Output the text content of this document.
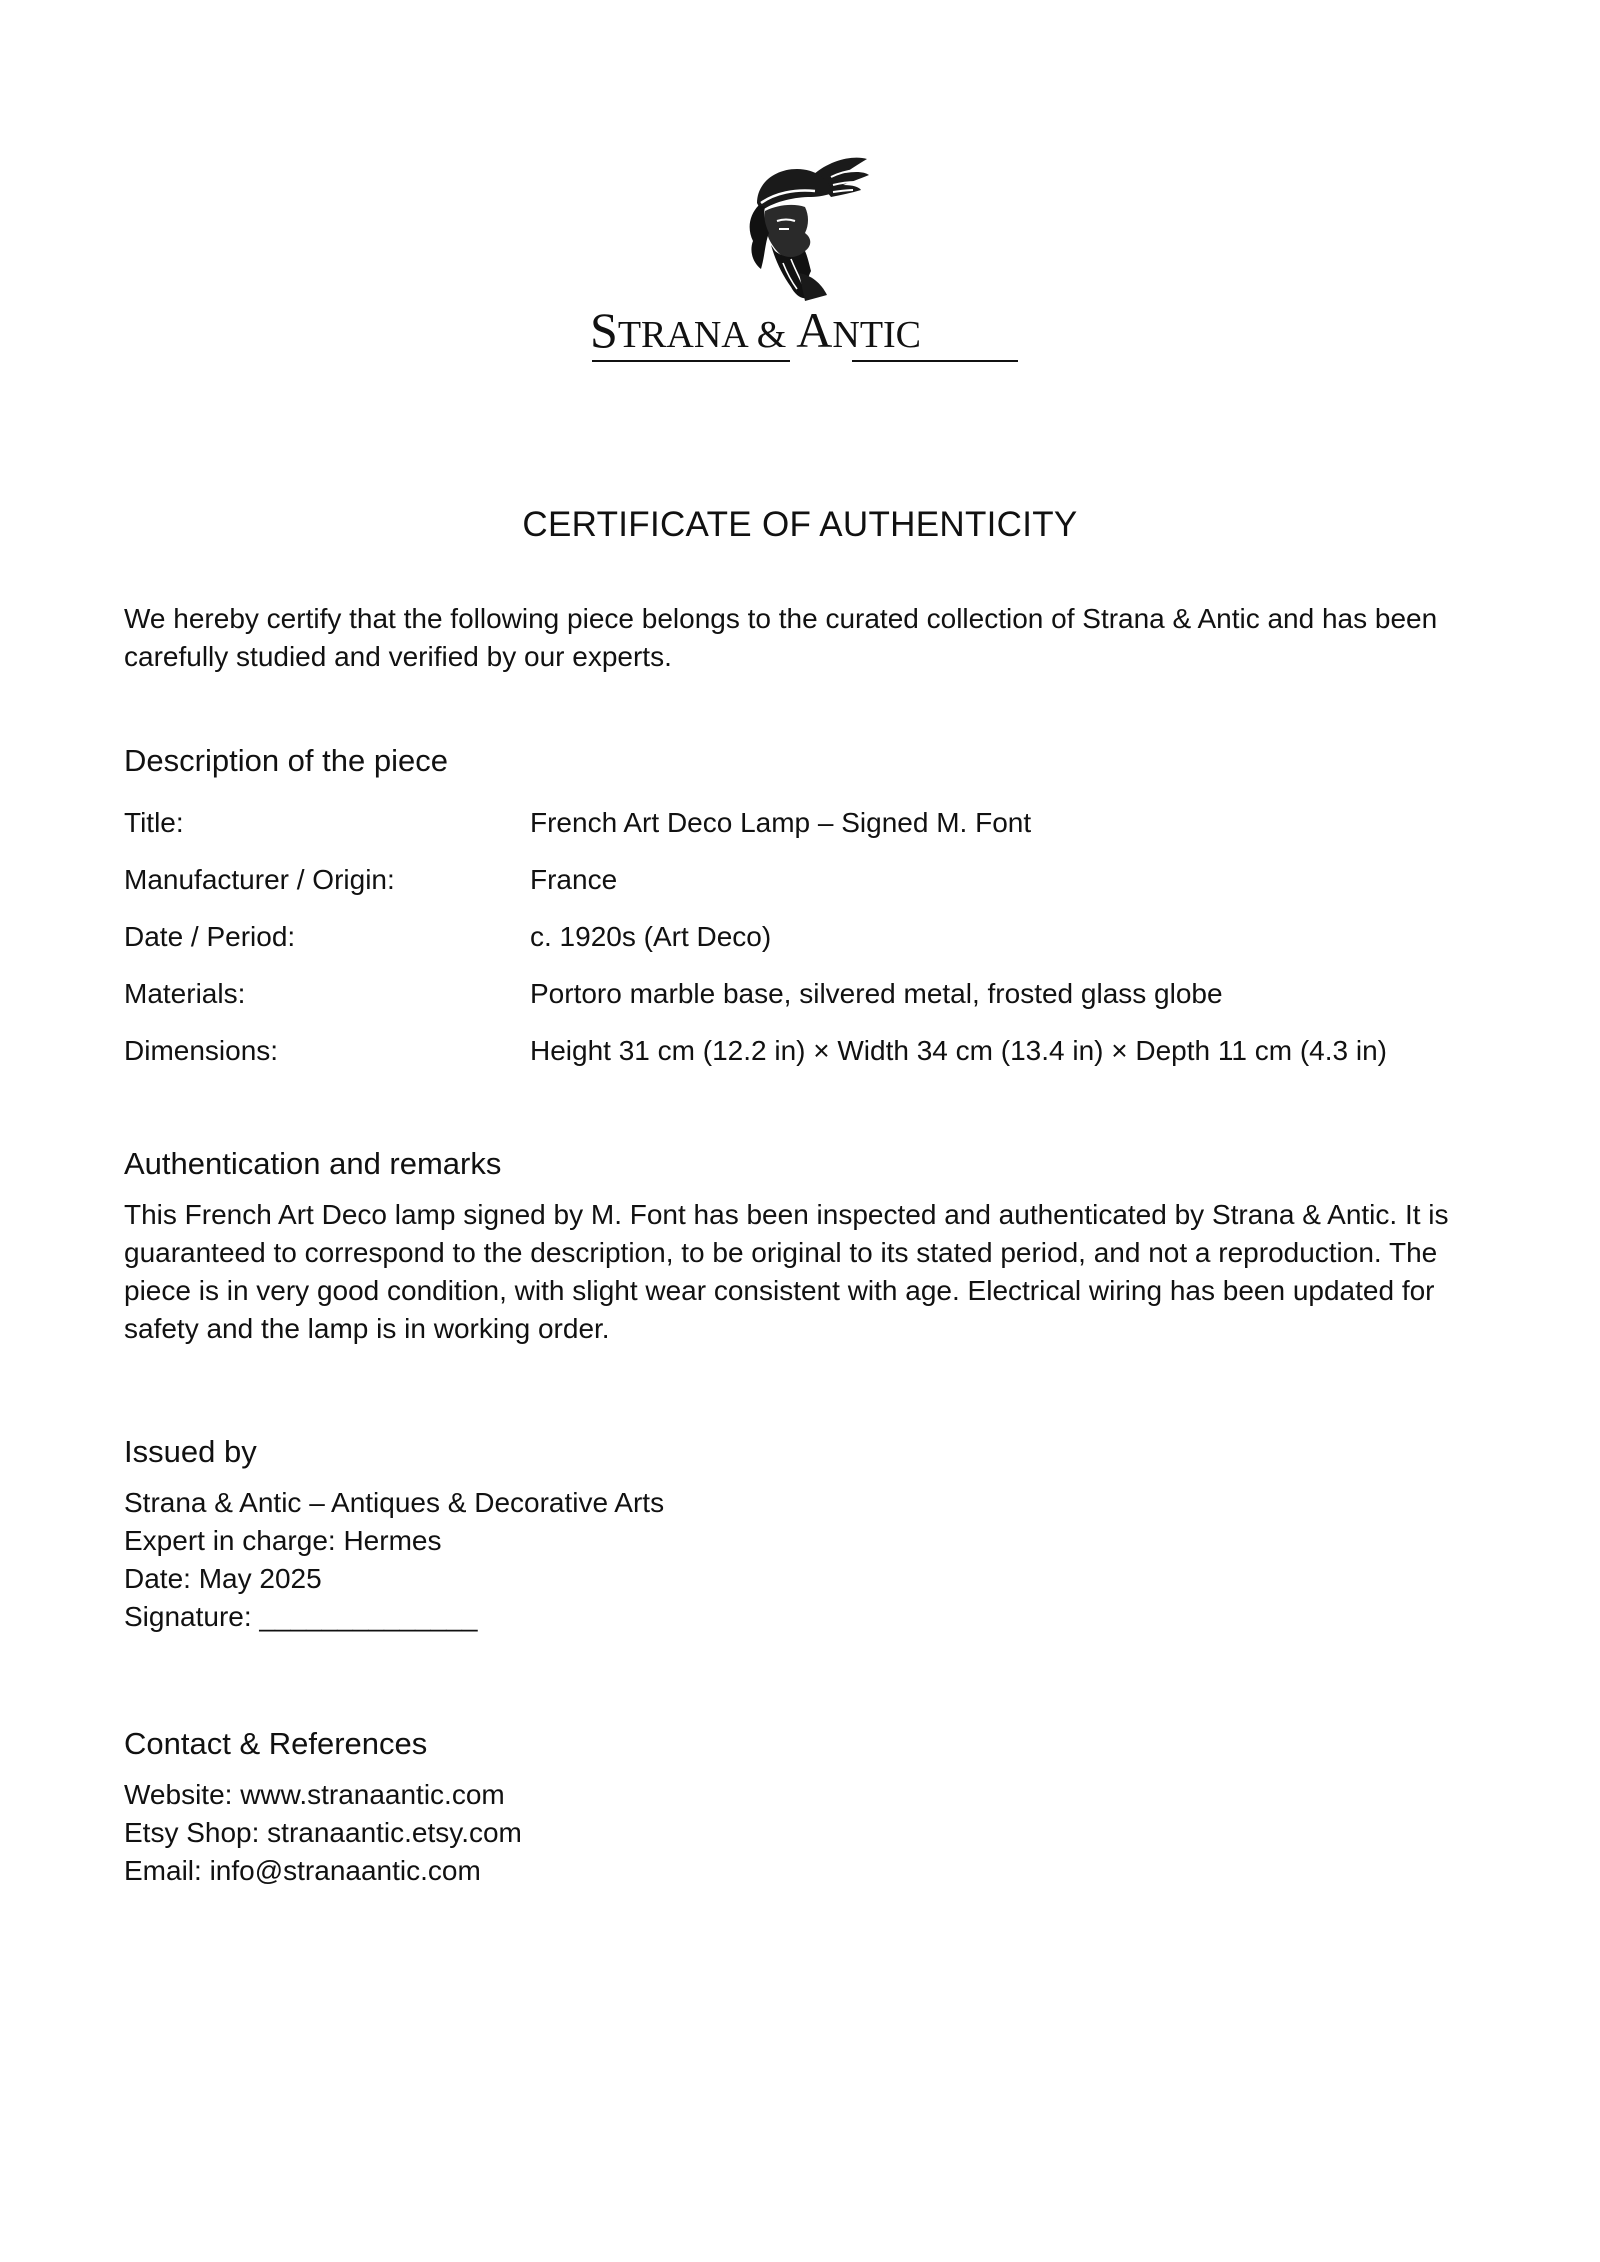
STRANA & ANTIC
CERTIFICATE OF AUTHENTICITY
We hereby certify that the following piece belongs to the curated collection of Strana & Antic and has been carefully studied and verified by our experts.
Description of the piece
Title:	French Art Deco Lamp – Signed M. Font
Manufacturer / Origin:	France
Date / Period:	c. 1920s (Art Deco)
Materials:	Portoro marble base, silvered metal, frosted glass globe
Dimensions:	Height 31 cm (12.2 in) × Width 34 cm (13.4 in) × Depth 11 cm (4.3 in)
Authentication and remarks
This French Art Deco lamp signed by M. Font has been inspected and authenticated by Strana & Antic. It is guaranteed to correspond to the description, to be original to its stated period, and not a reproduction. The piece is in very good condition, with slight wear consistent with age. Electrical wiring has been updated for safety and the lamp is in working order.
Issued by
Strana & Antic – Antiques & Decorative Arts
Expert in charge: Hermes
Date: May 2025
Signature: ______________
Contact & References
Website: www.stranaantic.com
Etsy Shop: stranaantic.etsy.com
Email: info@stranaantic.com
